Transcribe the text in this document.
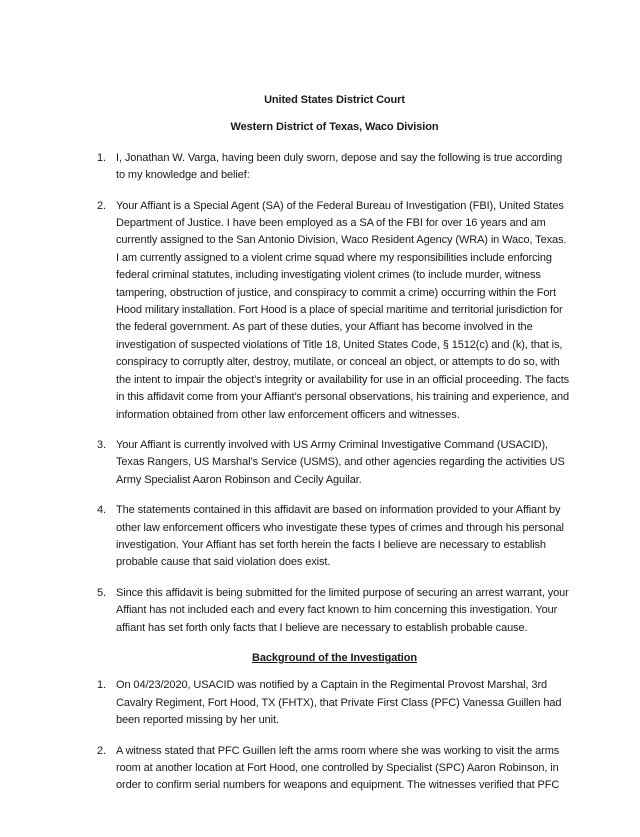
United States District Court
Western District of Texas, Waco Division
1. I, Jonathan W. Varga, having been duly sworn, depose and say the following is true according to my knowledge and belief:
2. Your Affiant is a Special Agent (SA) of the Federal Bureau of Investigation (FBI), United States Department of Justice. I have been employed as a SA of the FBI for over 16 years and am currently assigned to the San Antonio Division, Waco Resident Agency (WRA) in Waco, Texas. I am currently assigned to a violent crime squad where my responsibilities include enforcing federal criminal statutes, including investigating violent crimes (to include murder, witness tampering, obstruction of justice, and conspiracy to commit a crime) occurring within the Fort Hood military installation. Fort Hood is a place of special maritime and territorial jurisdiction for the federal government. As part of these duties, your Affiant has become involved in the investigation of suspected violations of Title 18, United States Code, § 1512(c) and (k), that is, conspiracy to corruptly alter, destroy, mutilate, or conceal an object, or attempts to do so, with the intent to impair the object’s integrity or availability for use in an official proceeding. The facts in this affidavit come from your Affiant’s personal observations, his training and experience, and information obtained from other law enforcement officers and witnesses.
3. Your Affiant is currently involved with US Army Criminal Investigative Command (USACID), Texas Rangers, US Marshal’s Service (USMS), and other agencies regarding the activities US Army Specialist Aaron Robinson and Cecily Aguilar.
4. The statements contained in this affidavit are based on information provided to your Affiant by other law enforcement officers who investigate these types of crimes and through his personal investigation. Your Affiant has set forth herein the facts I believe are necessary to establish probable cause that said violation does exist.
5. Since this affidavit is being submitted for the limited purpose of securing an arrest warrant, your Affiant has not included each and every fact known to him concerning this investigation. Your affiant has set forth only facts that I believe are necessary to establish probable cause.
Background of the Investigation
1. On 04/23/2020, USACID was notified by a Captain in the Regimental Provost Marshal, 3rd Cavalry Regiment, Fort Hood, TX (FHTX), that Private First Class (PFC) Vanessa Guillen had been reported missing by her unit.
2. A witness stated that PFC Guillen left the arms room where she was working to visit the arms room at another location at Fort Hood, one controlled by Specialist (SPC) Aaron Robinson, in order to confirm serial numbers for weapons and equipment. The witnesses verified that PFC
